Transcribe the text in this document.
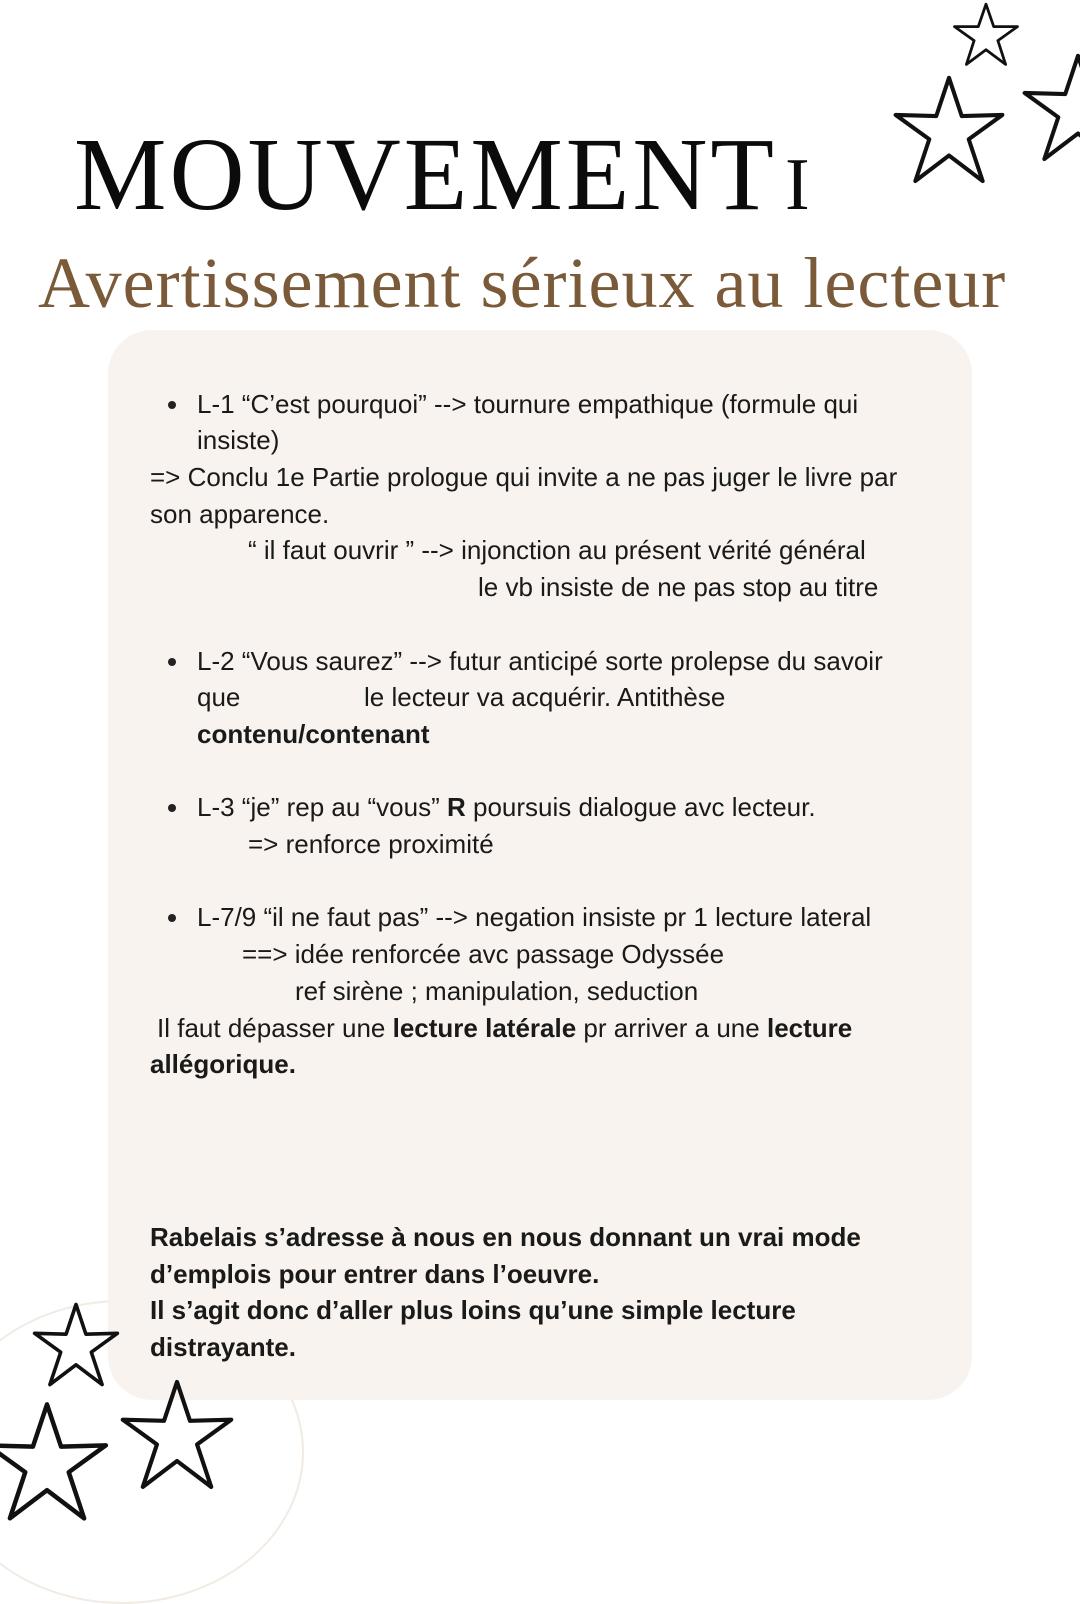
MOUVEMENT I
Avertissement sérieux au lecteur
L-1 “C’est pourquoi” --> tournure empathique (formule qui
insiste)
=> Conclu 1e Partie prologue qui invite a ne pas juger le livre par
son apparence.
“ il faut ouvrir ” --> injonction au présent vérité général
le vb insiste de ne pas stop au titre
L-2 “Vous saurez” --> futur anticipé sorte prolepse du savoir
que	le lecteur va acquérir. Antithèse
contenu/contenant
L-3 “je” rep au “vous” R poursuis dialogue avc lecteur.
=> renforce proximité
L-7/9 “il ne faut pas” --> negation insiste pr 1 lecture lateral
==> idée renforcée avc passage Odyssée
ref sirène ; manipulation, seduction
Il faut dépasser une lecture latérale pr arriver a une lecture
allégorique.
Rabelais s’adresse à nous en nous donnant un vrai mode
d’emplois pour entrer dans l’oeuvre.
Il s’agit donc d’aller plus loins qu’une simple lecture
distrayante.
